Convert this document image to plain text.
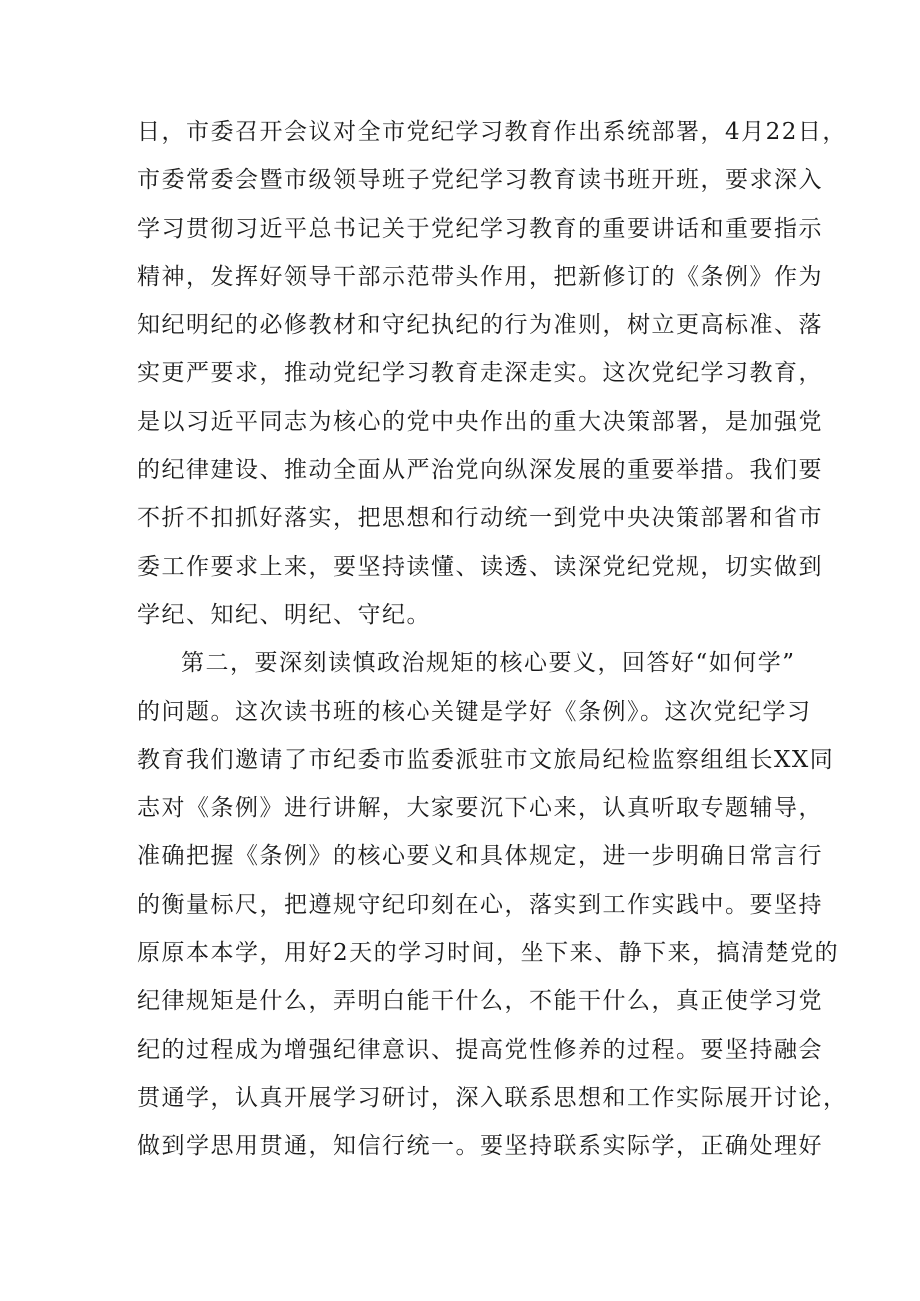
日，市委召开会议对全市党纪学习教育作出系统部署，4月22日，
市委常委会暨市级领导班子党纪学习教育读书班开班，要求深入
学习贯彻习近平总书记关于党纪学习教育的重要讲话和重要指示
精神，发挥好领导干部示范带头作用，把新修订的《条例》作为
知纪明纪的必修教材和守纪执纪的行为准则，树立更高标准、落
实更严要求，推动党纪学习教育走深走实。这次党纪学习教育，
是以习近平同志为核心的党中央作出的重大决策部署，是加强党
的纪律建设、推动全面从严治党向纵深发展的重要举措。我们要
不折不扣抓好落实，把思想和行动统一到党中央决策部署和省市
委工作要求上来，要坚持读懂、读透、读深党纪党规，切实做到
学纪、知纪、明纪、守纪。
第二，要深刻读慎政治规矩的核心要义，回答好“如何学”
的问题。这次读书班的核心关键是学好《条例》。这次党纪学习
教育我们邀请了市纪委市监委派驻市文旅局纪检监察组组长XX同
志对《条例》进行讲解，大家要沉下心来，认真听取专题辅导，
准确把握《条例》的核心要义和具体规定，进一步明确日常言行
的衡量标尺，把遵规守纪印刻在心，落实到工作实践中。要坚持
原原本本学，用好2天的学习时间，坐下来、静下来，搞清楚党的
纪律规矩是什么，弄明白能干什么，不能干什么，真正使学习党
纪的过程成为增强纪律意识、提高党性修养的过程。要坚持融会
贯通学，认真开展学习研讨，深入联系思想和工作实际展开讨论，
做到学思用贯通，知信行统一。要坚持联系实际学，正确处理好
